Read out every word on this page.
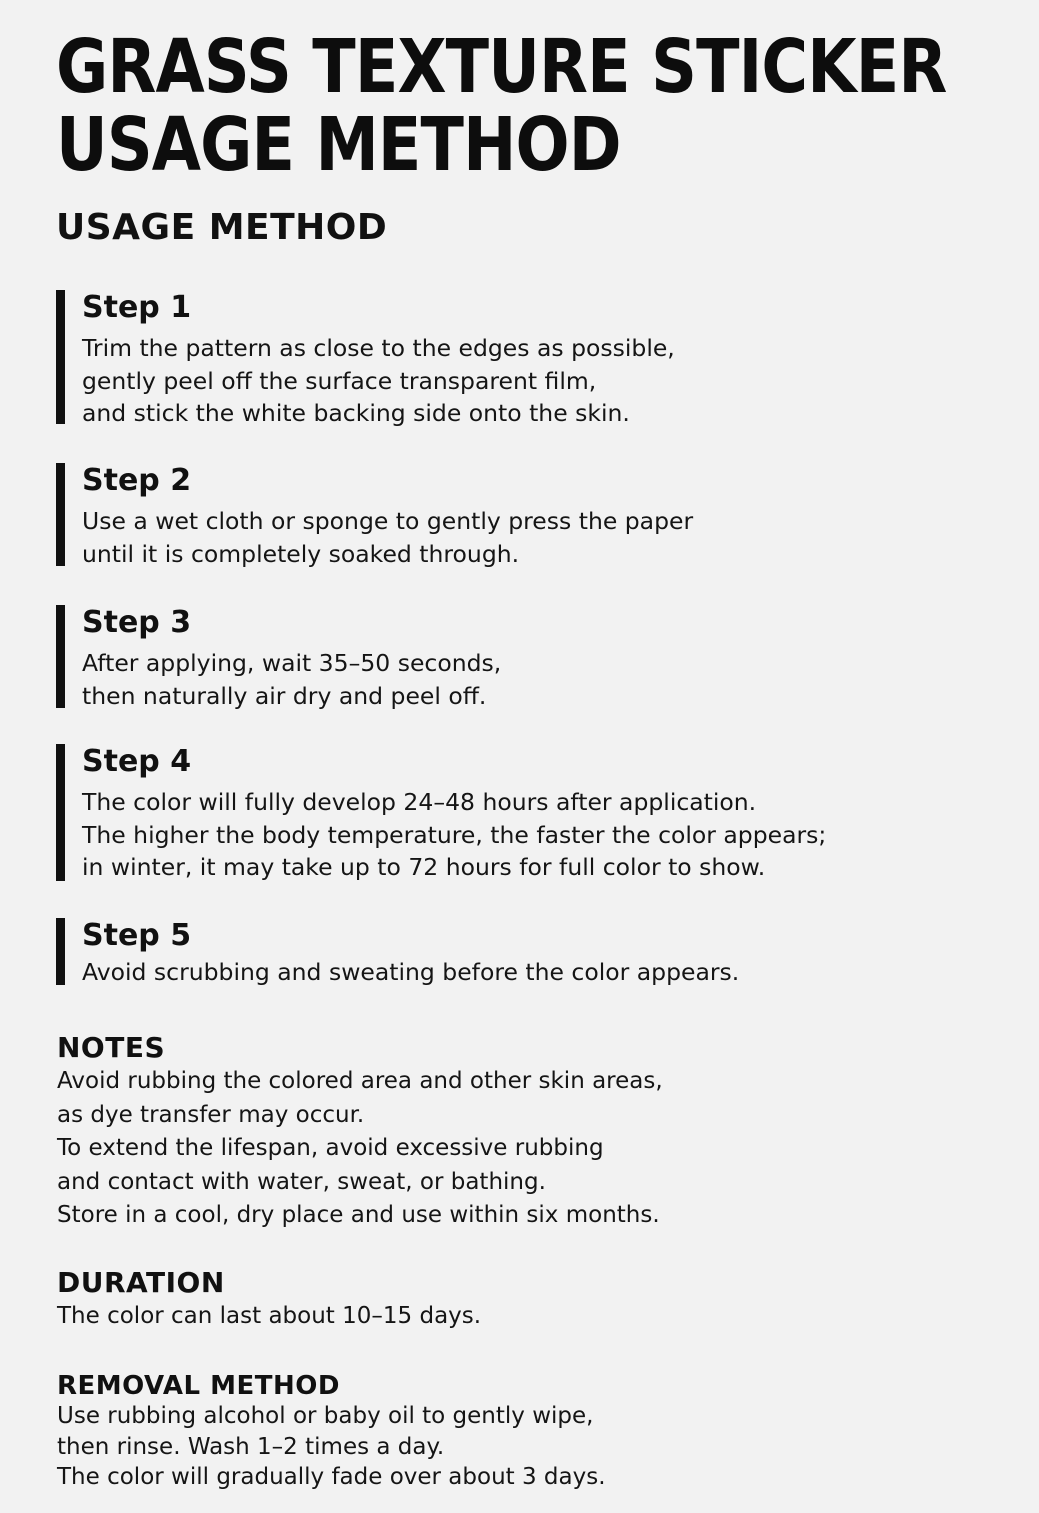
GRASS TEXTURE STICKER
USAGE METHOD
USAGE METHOD
Step 1
Trim the pattern as close to the edges as possible,
gently peel off the surface transparent film,
and stick the white backing side onto the skin.
Step 2
Use a wet cloth or sponge to gently press the paper
until it is completely soaked through.
Step 3
After applying, wait 35–50 seconds,
then naturally air dry and peel off.
Step 4
The color will fully develop 24–48 hours after application.
The higher the body temperature, the faster the color appears;
in winter, it may take up to 72 hours for full color to show.
Step 5
Avoid scrubbing and sweating before the color appears.
NOTES
Avoid rubbing the colored area and other skin areas,
as dye transfer may occur.
To extend the lifespan, avoid excessive rubbing
and contact with water, sweat, or bathing.
Store in a cool, dry place and use within six months.
DURATION
The color can last about 10–15 days.
REMOVAL METHOD
Use rubbing alcohol or baby oil to gently wipe,
then rinse. Wash 1–2 times a day.
The color will gradually fade over about 3 days.
